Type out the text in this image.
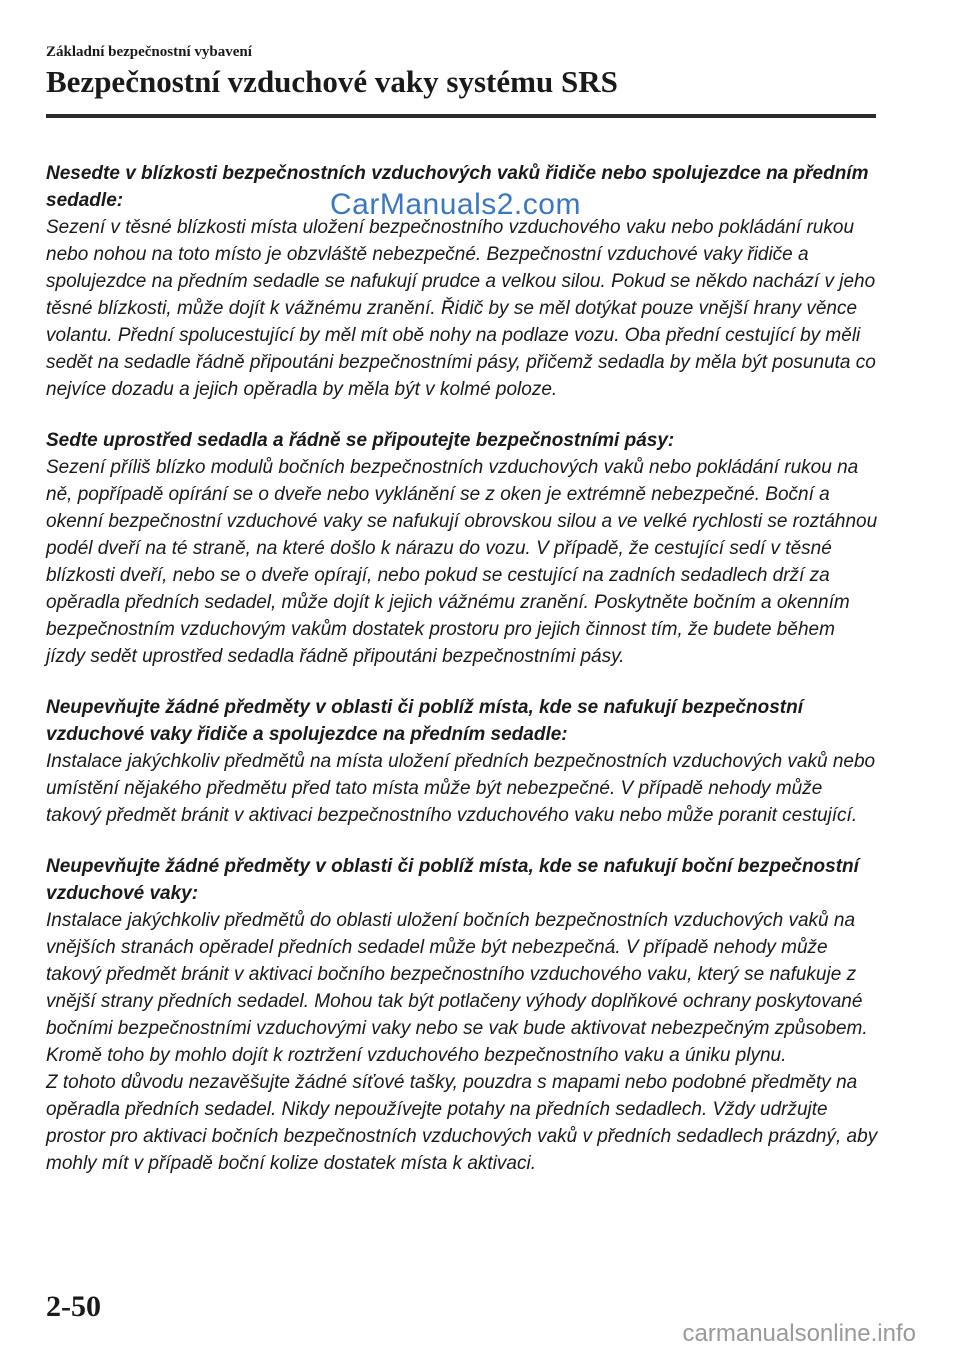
Základní bezpečnostní vybavení

Bezpečnostní vzduchové vaky systému SRS

Nesedte v blízkosti bezpečnostních vzduchových vaků řidiče nebo spolujezdce na předním sedadle:

Sezení v těsné blízkosti místa uložení bezpečnostního vzduchového vaku nebo pokládání rukou nebo nohou na toto místo je obzvláště nebezpečné. Bezpečnostní vzduchové vaky řidiče a spolujezdce na předním sedadle se nafukují prudce a velkou silou. Pokud se někdo nachází v jeho těsné blízkosti, může dojít k vážnému zranění. Řidič by se měl dotýkat pouze vnější hrany věnce volantu. Přední spolucestující by měl mít obě nohy na podlaze vozu. Oba přední cestující by měli sedět na sedadle řádně připoutáni bezpečnostními pásy, přičemž sedadla by měla být posunuta co nejvíce dozadu a jejich opěradla by měla být v kolmé poloze.

Sedte uprostřed sedadla a řádně se připoutejte bezpečnostními pásy:

Sezení příliš blízko modulů bočních bezpečnostních vzduchových vaků nebo pokládání rukou na ně, popřípadě opírání se o dveře nebo vyklánění se z oken je extrémně nebezpečné. Boční a okenní bezpečnostní vzduchové vaky se nafukují obrovskou silou a ve velké rychlosti se roztáhnou podél dveří na té straně, na které došlo k nárazu do vozu. V případě, že cestující sedí v těsné blízkosti dveří, nebo se o dveře opírají, nebo pokud se cestující na zadních sedadlech drží za opěradla předních sedadel, může dojít k jejich vážnému zranění. Poskytněte bočním a okenním bezpečnostním vzduchovým vakům dostatek prostoru pro jejich činnost tím, že budete během jízdy sedět uprostřed sedadla řádně připoutáni bezpečnostními pásy.

Neupevňujte žádné předměty v oblasti či poblíž místa, kde se nafukují bezpečnostní vzduchové vaky řidiče a spolujezdce na předním sedadle:

Instalace jakýchkoliv předmětů na místa uložení předních bezpečnostních vzduchových vaků nebo umístění nějakého předmětu před tato místa může být nebezpečné. V případě nehody může takový předmět bránit v aktivaci bezpečnostního vzduchového vaku nebo může poranit cestující.

Neupevňujte žádné předměty v oblasti či poblíž místa, kde se nafukují boční bezpečnostní vzduchové vaky:

Instalace jakýchkoliv předmětů do oblasti uložení bočních bezpečnostních vzduchových vaků na vnějších stranách opěradel předních sedadel může být nebezpečná. V případě nehody může takový předmět bránit v aktivaci bočního bezpečnostního vzduchového vaku, který se nafukuje z vnější strany předních sedadel. Mohou tak být potlačeny výhody doplňkové ochrany poskytované bočními bezpečnostními vzduchovými vaky nebo se vak bude aktivovat nebezpečným způsobem. Kromě toho by mohlo dojít k roztržení vzduchového bezpečnostního vaku a úniku plynu.

Z tohoto důvodu nezavěšujte žádné síťové tašky, pouzdra s mapami nebo podobné předměty na opěradla předních sedadel. Nikdy nepoužívejte potahy na předních sedadlech. Vždy udržujte prostor pro aktivaci bočních bezpečnostních vzduchových vaků v předních sedadlech prázdný, aby mohly mít v případě boční kolize dostatek místa k aktivaci.

CarManuals2.com
2-50
carmanualsonline.info
